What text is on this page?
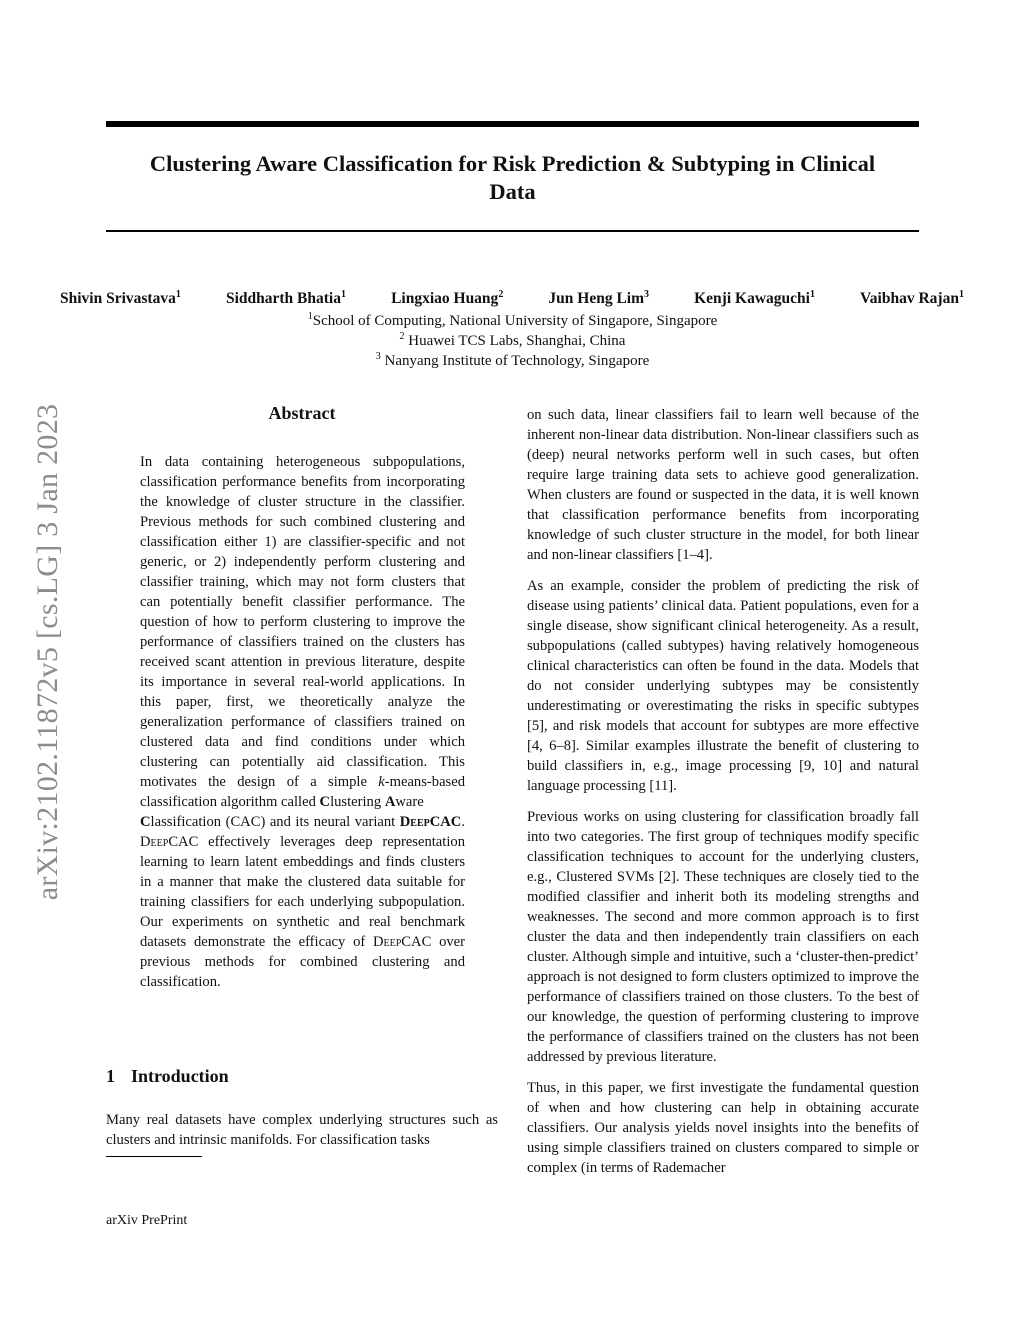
Clustering Aware Classification for Risk Prediction & Subtyping in Clinical
Data
Shivin Srivastava$^1$	Siddharth Bhatia$^1$	Lingxiao Huang$^2$	Jun Heng Lim$^3$	Kenji Kawaguchi$^1$	Vaibhav Rajan$^1$
$^1$School of Computing, National University of Singapore, Singapore
$^2$ Huawei TCS Labs, Shanghai, China
$^3$ Nanyang Institute of Technology, Singapore
arXiv:2102.11872v5 [cs.LG] 3 Jan 2023	Abstract

In data containing heterogeneous subpopulations, classification performance benefits from incorporating the knowledge of cluster structure in the classifier. Previous methods for such combined clustering and classification either 1) are classifier-specific and not generic, or 2) independently perform clustering and classifier training, which may not form clusters that can potentially benefit classifier performance. The question of how to perform clustering to improve the performance of classifiers trained on the clusters has received scant attention in previous literature, despite its importance in several real-world applications. In this paper, first, we theoretically analyze the generalization performance of classifiers trained on clustered data and find conditions under which clustering can potentially aid classification. This motivates the design of a simple k-means-based classification algorithm called Clustering Aware
Classification (CAC) and its neural variant DeepCAC. DeepCAC effectively leverages deep representation learning to learn latent embeddings and finds clusters in a manner that make the clustered data suitable for training classifiers for each underlying subpopulation. Our experiments on synthetic and real benchmark datasets demonstrate the efficacy of DeepCAC over previous methods for combined clustering and classification.

1 Introduction

Many real datasets have complex underlying structures such as clusters and intrinsic manifolds. For classification tasks

arXiv PrePrint

on such data, linear classifiers fail to learn well because of the inherent non-linear data distribution. Non-linear classifiers such as (deep) neural networks perform well in such cases, but often require large training data sets to achieve good generalization. When clusters are found or suspected in the data, it is well known that classification performance benefits from incorporating knowledge of such cluster structure in the model, for both linear and non-linear classifiers [1–4].

As an example, consider the problem of predicting the risk of disease using patients’ clinical data. Patient populations, even for a single disease, show significant clinical heterogeneity. As a result, subpopulations (called subtypes) having relatively homogeneous clinical characteristics can often be found in the data. Models that do not consider underlying subtypes may be consistently underestimating or overestimating the risks in specific subtypes [5], and risk models that account for subtypes are more effective [4, 6–8]. Similar examples illustrate the benefit of clustering to build classifiers in, e.g., image processing [9, 10] and natural language processing [11].

Previous works on using clustering for classification broadly fall into two categories. The first group of techniques modify specific classification techniques to account for the underlying clusters, e.g., Clustered SVMs [2]. These techniques are closely tied to the modified classifier and inherit both its modeling strengths and weaknesses. The second and more common approach is to first cluster the data and then independently train classifiers on each cluster. Although simple and intuitive, such a ‘cluster-then-predict’ approach is not designed to form clusters optimized to improve the performance of classifiers trained on those clusters. To the best of our knowledge, the question of performing clustering to improve the performance of classifiers trained on the clusters has not been addressed by previous literature.

Thus, in this paper, we first investigate the fundamental question of when and how clustering can help in obtaining accurate classifiers. Our analysis yields novel insights into the benefits of using simple classifiers trained on clusters compared to simple or complex (in terms of Rademacher
